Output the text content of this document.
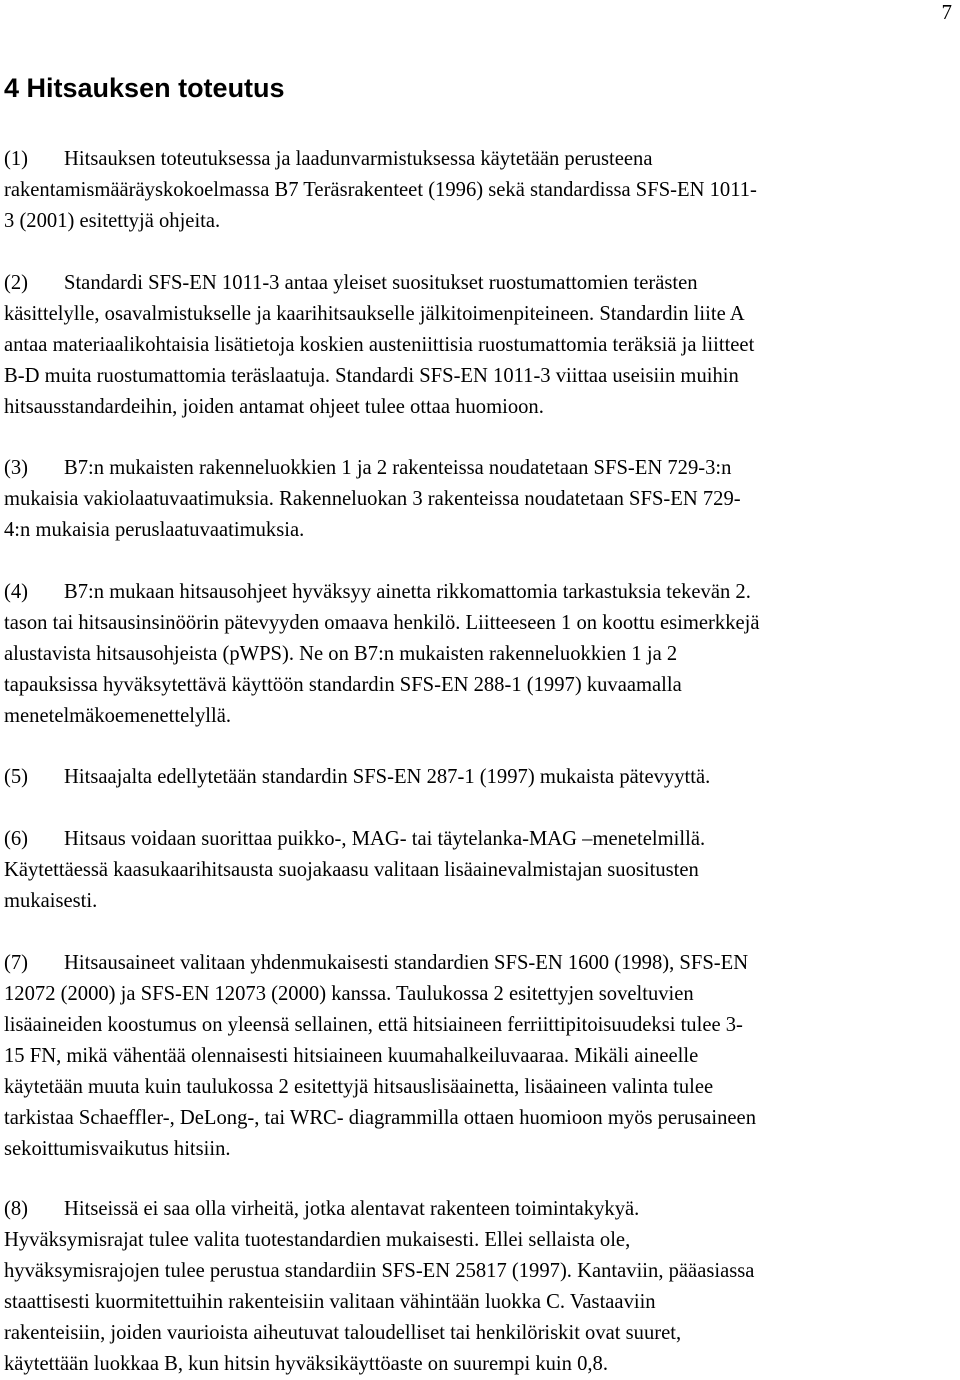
7
4 Hitsauksen toteutus
(1) Hitsauksen toteutuksessa ja laadunvarmistuksessa käytetään perusteena
rakentamismääräyskokoelmassa B7 Teräsrakenteet (1996) sekä standardissa SFS-EN 1011-
3 (2001) esitettyjä ohjeita.
(2) Standardi SFS-EN 1011-3 antaa yleiset suositukset ruostumattomien terästen
käsittelylle, osavalmistukselle ja kaarihitsaukselle jälkitoimenpiteineen. Standardin liite A
antaa materiaalikohtaisia lisätietoja koskien austeniittisia ruostumattomia teräksiä ja liitteet
B-D muita ruostumattomia teräslaatuja. Standardi SFS-EN 1011-3 viittaa useisiin muihin
hitsausstandardeihin, joiden antamat ohjeet tulee ottaa huomioon.
(3) B7:n mukaisten rakenneluokkien 1 ja 2 rakenteissa noudatetaan SFS-EN 729-3:n
mukaisia vakiolaatuvaatimuksia. Rakenneluokan 3 rakenteissa noudatetaan SFS-EN 729-
4:n mukaisia peruslaatuvaatimuksia.
(4) B7:n mukaan hitsausohjeet hyväksyy ainetta rikkomattomia tarkastuksia tekevän 2.
tason tai hitsausinsinöörin pätevyyden omaava henkilö. Liitteeseen 1 on koottu esimerkkejä
alustavista hitsausohjeista (pWPS). Ne on B7:n mukaisten rakenneluokkien 1 ja 2
tapauksissa hyväksytettävä käyttöön standardin SFS-EN 288-1 (1997) kuvaamalla
menetelmäkoemenettelyllä.
(5) Hitsaajalta edellytetään standardin SFS-EN 287-1 (1997) mukaista pätevyyttä.
(6) Hitsaus voidaan suorittaa puikko-, MAG- tai täytelanka-MAG –menetelmillä.
Käytettäessä kaasukaarihitsausta suojakaasu valitaan lisäainevalmistajan suositusten
mukaisesti.
(7) Hitsausaineet valitaan yhdenmukaisesti standardien SFS-EN 1600 (1998), SFS-EN
12072 (2000) ja SFS-EN 12073 (2000) kanssa. Taulukossa 2 esitettyjen soveltuvien
lisäaineiden koostumus on yleensä sellainen, että hitsiaineen ferriittipitoisuudeksi tulee 3-
15 FN, mikä vähentää olennaisesti hitsiaineen kuumahalkeiluvaaraa. Mikäli aineelle
käytetään muuta kuin taulukossa 2 esitettyjä hitsauslisäainetta, lisäaineen valinta tulee
tarkistaa Schaeffler-, DeLong-, tai WRC- diagrammilla ottaen huomioon myös perusaineen
sekoittumisvaikutus hitsiin.
(8) Hitseissä ei saa olla virheitä, jotka alentavat rakenteen toimintakykyä.
Hyväksymisrajat tulee valita tuotestandardien mukaisesti. Ellei sellaista ole,
hyväksymisrajojen tulee perustua standardiin SFS-EN 25817 (1997). Kantaviin, pääasiassa
staattisesti kuormitettuihin rakenteisiin valitaan vähintään luokka C. Vastaaviin
rakenteisiin, joiden vaurioista aiheutuvat taloudelliset tai henkilöriskit ovat suuret,
käytettään luokkaa B, kun hitsin hyväksikäyttöaste on suurempi kuin 0,8.
